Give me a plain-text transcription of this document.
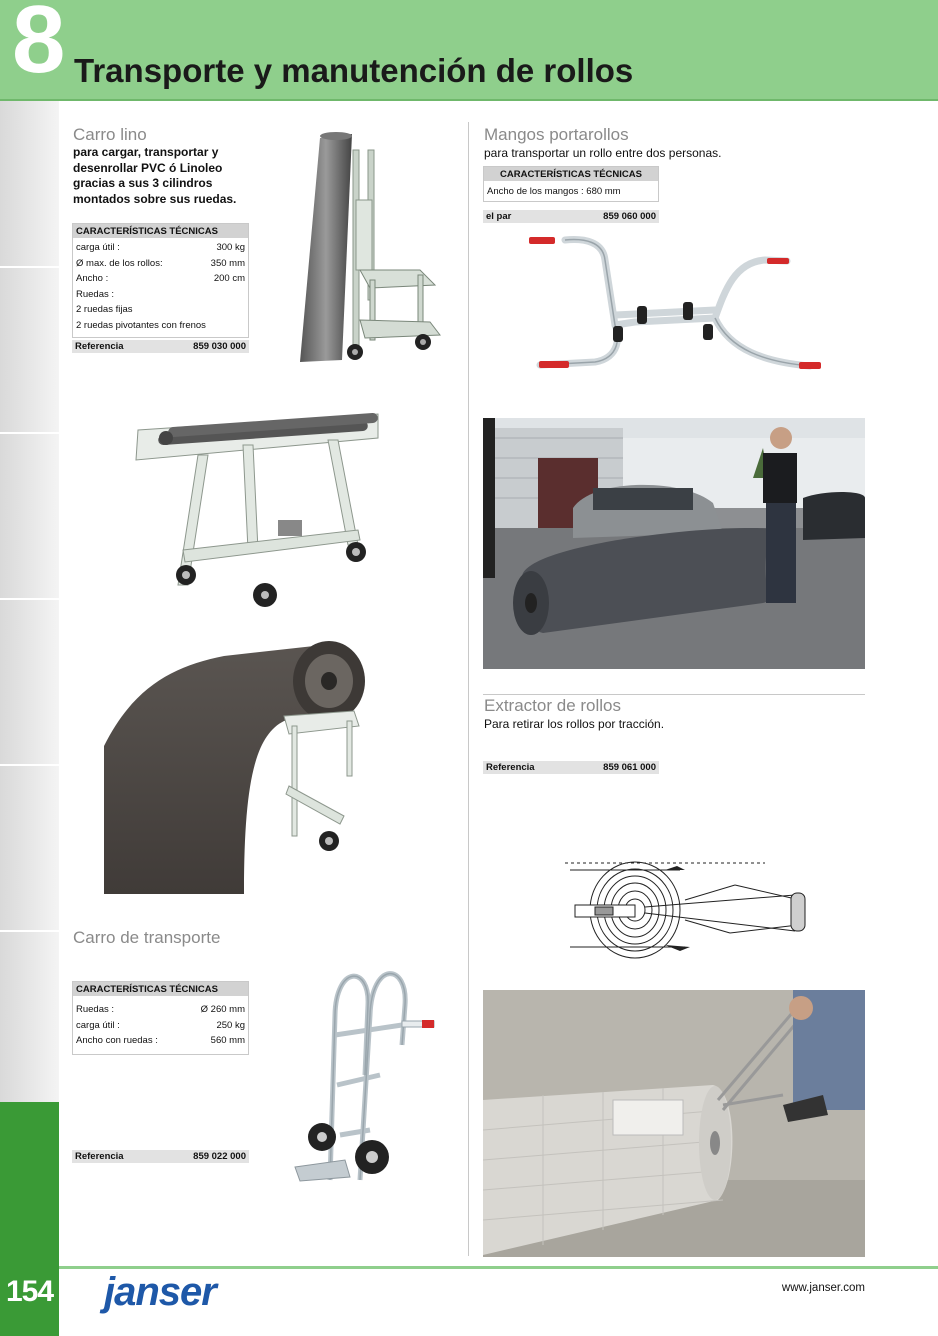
8 Transporte y manutención de rollos
154
Carro lino
para cargar, transportar y desenrollar PVC ó Linoleo gracias a sus 3 cilindros montados sobre sus ruedas.
CARACTERÍSTICAS TÉCNICAS
carga útil :	300 kg
Ø max. de los rollos:	350 mm
Ancho :	200 cm
Ruedas :
2 ruedas fijas
2 ruedas pivotantes con frenos
Referencia	859 030 000
Carro de transporte
CARACTERÍSTICAS TÉCNICAS
Ruedas :	Ø 260 mm
carga útil :	250 kg
Ancho con ruedas :	560 mm
Referencia	859 022 000
Mangos portarollos
para transportar un rollo entre dos personas.
CARACTERÍSTICAS TÉCNICAS
Ancho de los mangos : 680 mm
el par	859 060 000
Extractor de rollos
Para retirar los rollos por tracción.
Referencia	859 061 000
janser	www.janser.com
